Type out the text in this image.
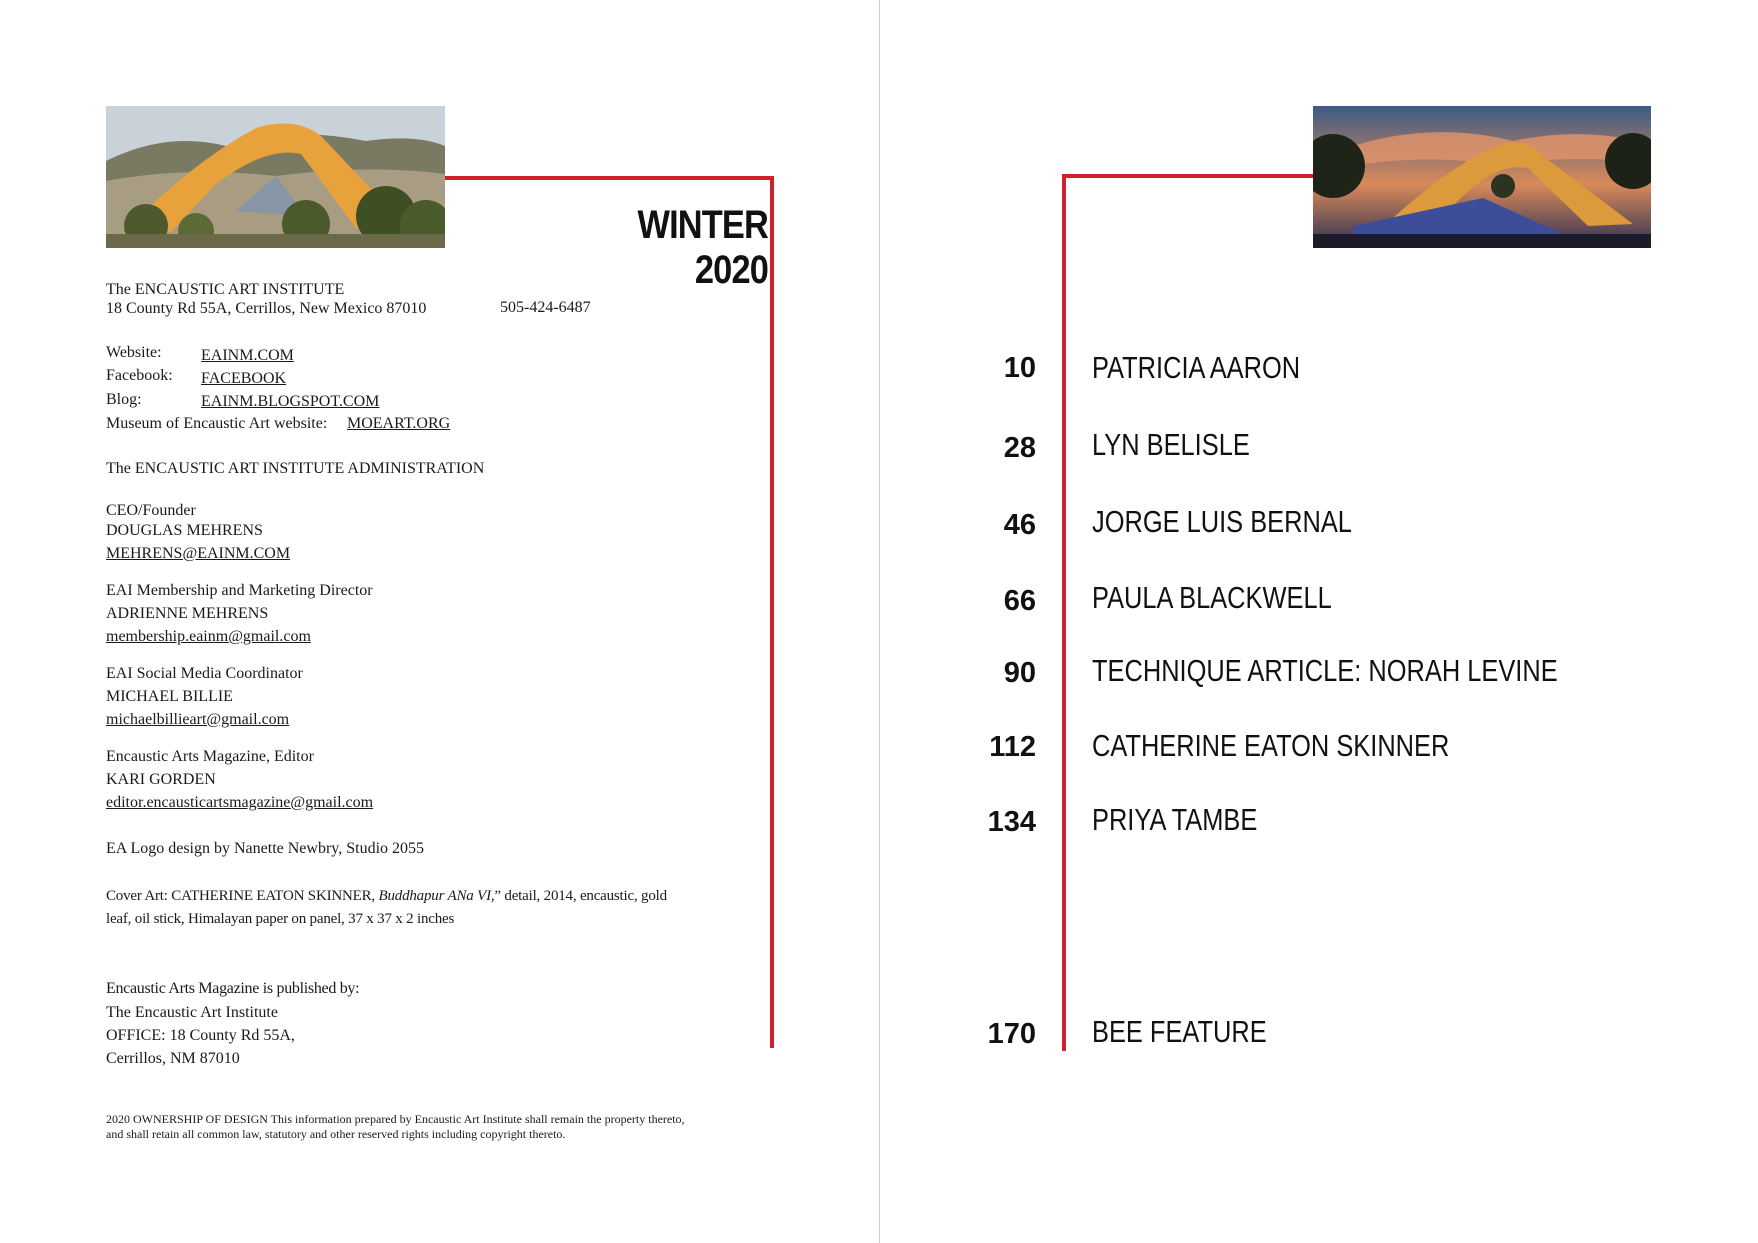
WINTER 2020
The ENCAUSTIC ART INSTITUTE
18 County Rd 55A, Cerrillos, New Mexico 87010	505-424-6487
Website: EAINM.COM
Facebook: FACEBOOK
Blog:	EAINM.BLOGSPOT.COM
Museum of Encaustic Art website: MOEART.ORG
The ENCAUSTIC ART INSTITUTE ADMINISTRATION
CEO/Founder
DOUGLAS MEHRENS
MEHRENS@EAINM.COM
EAI Membership and Marketing Director
ADRIENNE MEHRENS
membership.eainm@gmail.com
EAI Social Media Coordinator
MICHAEL BILLIE
michaelbillieart@gmail.com
Encaustic Arts Magazine, Editor
KARI GORDEN
editor.encausticartsmagazine@gmail.com
EA Logo design by Nanette Newbry, Studio 2055
Cover Art: CATHERINE EATON SKINNER, Buddhapur ANa VI,” detail, 2014, encaustic, gold
leaf, oil stick, Himalayan paper on panel, 37 x 37 x 2 inches
Encaustic Arts Magazine is published by:
The Encaustic Art Institute
OFFICE: 18 County Rd 55A,
Cerrillos, NM 87010
2020 OWNERSHIP OF DESIGN This information prepared by Encaustic Art Institute shall remain the property thereto,
and shall retain all common law, statutory and other reserved rights including copyright thereto.
10 PATRICIA AARON
28 LYN BELISLE
46 JORGE LUIS BERNAL
66 PAULA BLACKWELL
90 TECHNIQUE ARTICLE: NORAH LEVINE
112 CATHERINE EATON SKINNER
134 PRIYA TAMBE
170 BEE FEATURE
